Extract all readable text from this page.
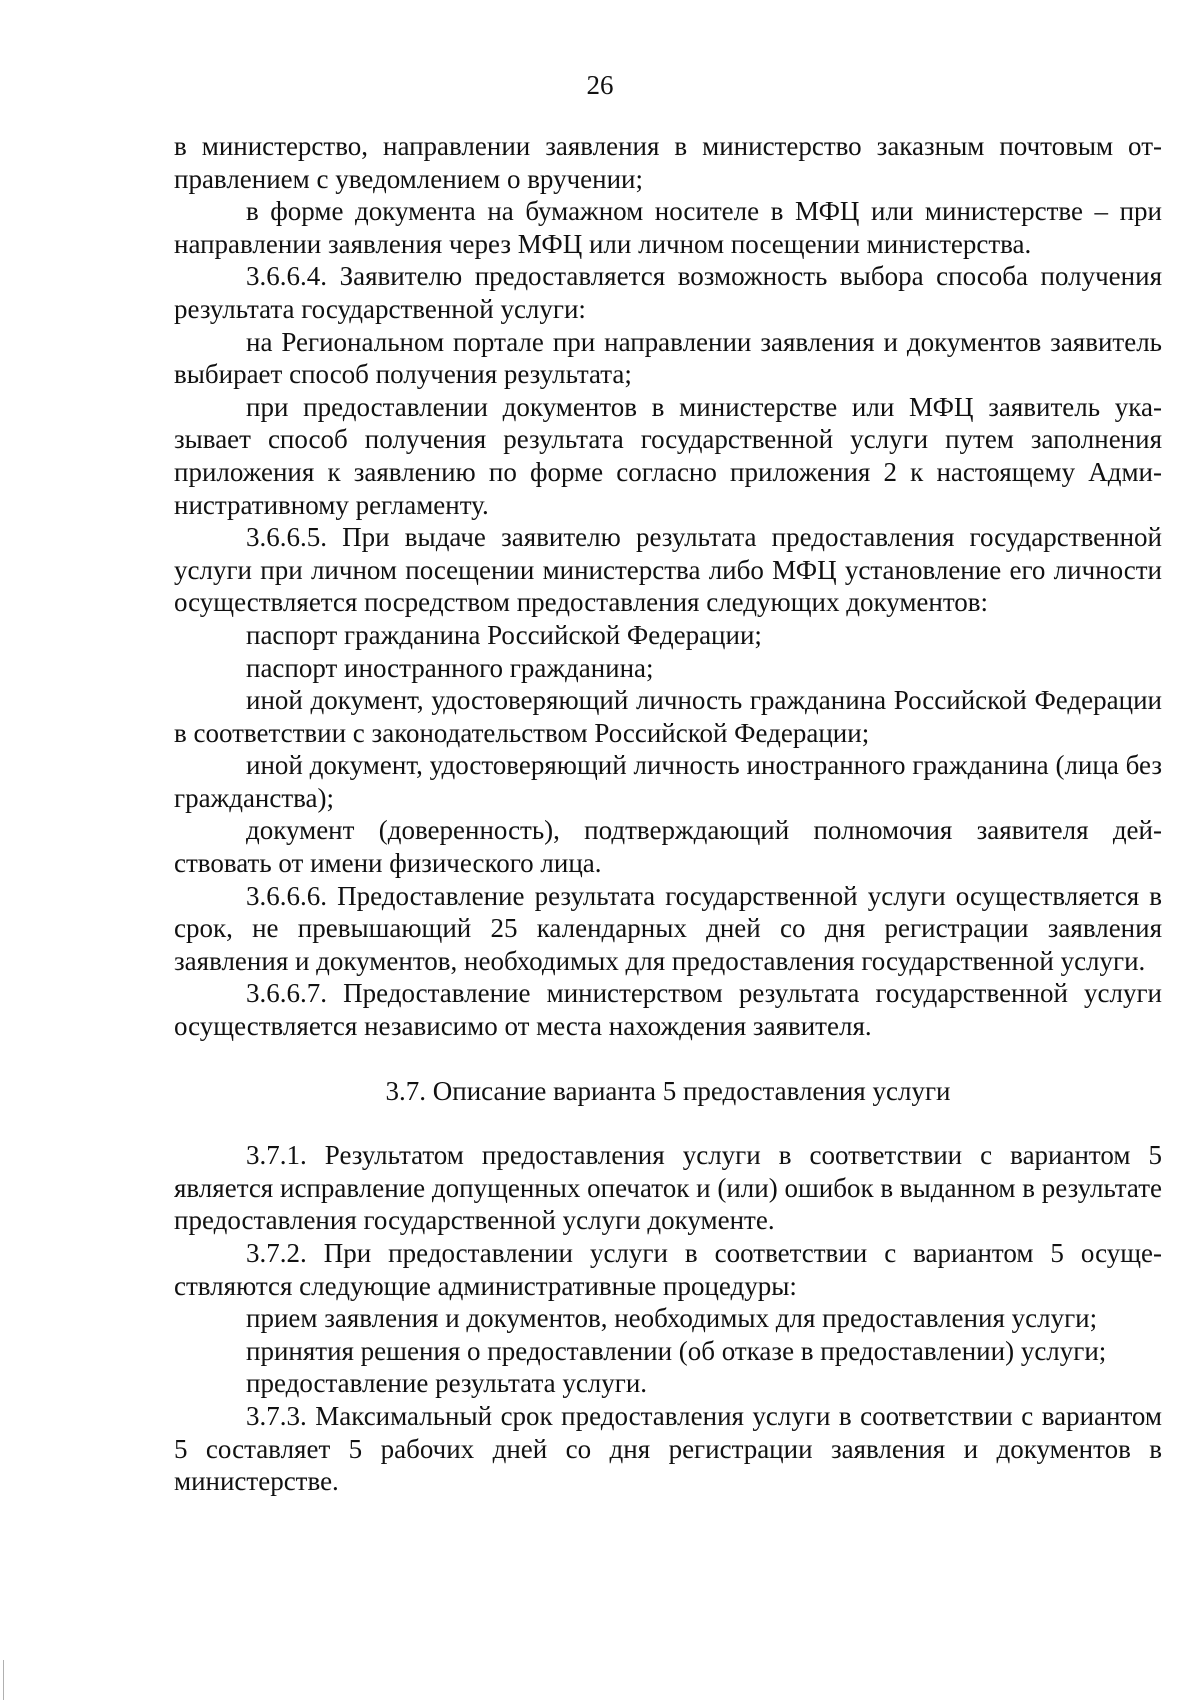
26

в министерство, направлении заявления в министерство заказным почтовым отправлением с уведомлением о вручении;

в форме документа на бумажном носителе в МФЦ или министерстве – при направлении заявления через МФЦ или личном посещении министерства.

3.6.6.4. Заявителю предоставляется возможность выбора способа получения результата государственной услуги:

на Региональном портале при направлении заявления и документов заявитель выбирает способ получения результата;

при предоставлении документов в министерстве или МФЦ заявитель указывает способ получения результата государственной услуги путем заполнения приложения к заявлению по форме согласно приложения 2 к настоящему Административному регламенту.

3.6.6.5. При выдаче заявителю результата предоставления государственной услуги при личном посещении министерства либо МФЦ установление его личности осуществляется посредством предоставления следующих документов:

паспорт гражданина Российской Федерации;

паспорт иностранного гражданина;

иной документ, удостоверяющий личность гражданина Российской Федерации в соответствии с законодательством Российской Федерации;

иной документ, удостоверяющий личность иностранного гражданина (лица без гражданства);

документ (доверенность), подтверждающий полномочия заявителя действовать от имени физического лица.

3.6.6.6. Предоставление результата государственной услуги осуществляется в срок, не превышающий 25 календарных дней со дня регистрации заявления заявления и документов, необходимых для предоставления государственной услуги.

3.6.6.7. Предоставление министерством результата государственной услуги осуществляется независимо от места нахождения заявителя.

3.7. Описание варианта 5 предоставления услуги

3.7.1. Результатом предоставления услуги в соответствии с вариантом 5 является исправление допущенных опечаток и (или) ошибок в выданном в результате предоставления государственной услуги документе.

3.7.2. При предоставлении услуги в соответствии с вариантом 5 осуществляются следующие административные процедуры:

прием заявления и документов, необходимых для предоставления услуги;

принятия решения о предоставлении (об отказе в предоставлении) услуги;

предоставление результата услуги.

3.7.3. Максимальный срок предоставления услуги в соответствии с вариантом 5 составляет 5 рабочих дней со дня регистрации заявления и документов в министерстве.
